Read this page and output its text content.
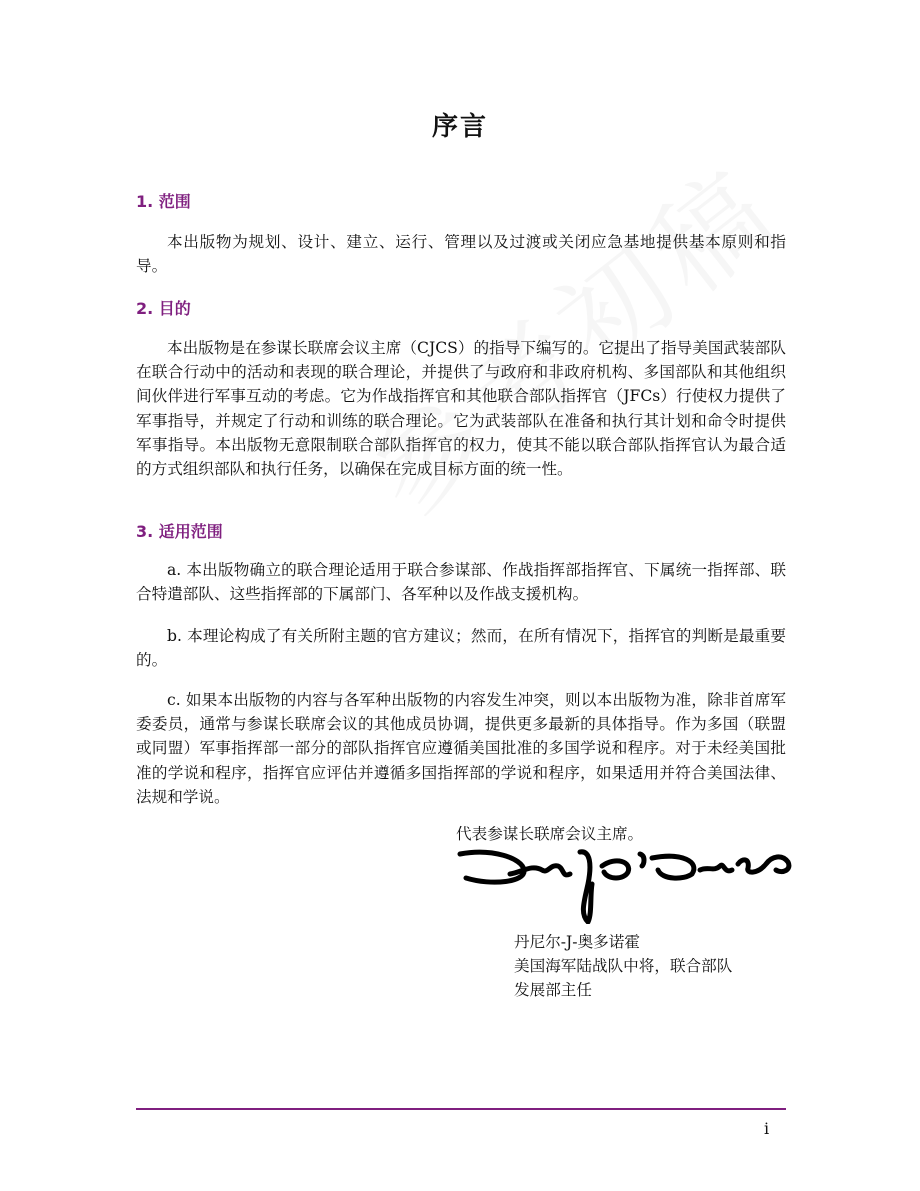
序言
1. 范围

本出版物为规划、设计、建立、运行、管理以及过渡或关闭应急基地提供基本原则和指导。

2. 目的

本出版物是在参谋长联席会议主席（CJCS）的指导下编写的。它提出了指导美国武装部队在联合行动中的活动和表现的联合理论，并提供了与政府和非政府机构、多国部队和其他组织间伙伴进行军事互动的考虑。它为作战指挥官和其他联合部队指挥官（JFCs）行使权力提供了军事指导，并规定了行动和训练的联合理论。它为武装部队在准备和执行其计划和命令时提供军事指导。本出版物无意限制联合部队指挥官的权力，使其不能以联合部队指挥官认为最合适的方式组织部队和执行任务，以确保在完成目标方面的统一性。

3. 适用范围

a. 本出版物确立的联合理论适用于联合参谋部、作战指挥部指挥官、下属统一指挥部、联合特遣部队、这些指挥部的下属部门、各军种以及作战支援机构。

b. 本理论构成了有关所附主题的官方建议；然而，在所有情况下，指挥官的判断是最重要的。

c. 如果本出版物的内容与各军种出版物的内容发生冲突，则以本出版物为准，除非首席军委委员，通常与参谋长联席会议的其他成员协调，提供更多最新的具体指导。作为多国（联盟或同盟）军事指挥部一部分的部队指挥官应遵循美国批准的多国学说和程序。对于未经美国批准的学说和程序，指挥官应评估并遵循多国指挥部的学说和程序，如果适用并符合美国法律、法规和学说。

代表参谋长联席会议主席。
丹尼尔-J-奥多诺霍
美国海军陆战队中将，联合部队
发展部主任
i
